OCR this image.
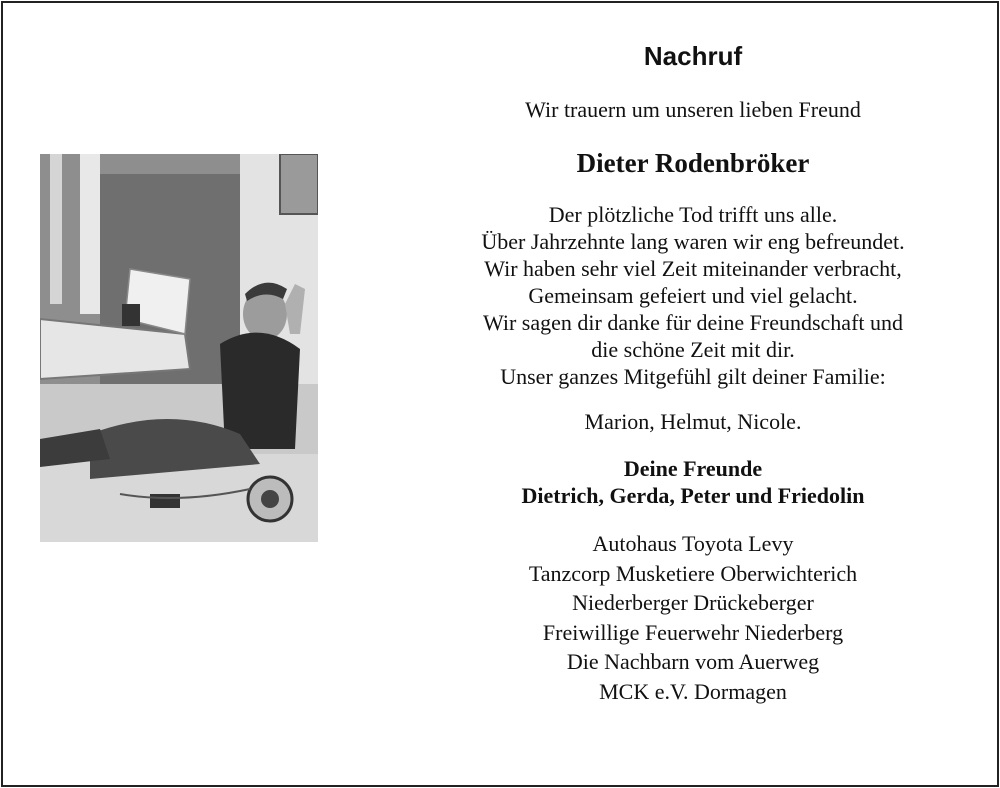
Nachruf
Wir trauern um unseren lieben Freund
Dieter Rodenbröker
Der plötzliche Tod trifft uns alle.
Über Jahrzehnte lang waren wir eng befreundet.
Wir haben sehr viel Zeit miteinander verbracht,
Gemeinsam gefeiert und viel gelacht.
Wir sagen dir danke für deine Freundschaft und
die schöne Zeit mit dir.
Unser ganzes Mitgefühl gilt deiner Familie:
Marion, Helmut, Nicole.
Deine Freunde
Dietrich, Gerda, Peter und Friedolin
Autohaus Toyota Levy
Tanzcorp Musketiere Oberwichterich
Niederberger Drückeberger
Freiwillige Feuerwehr Niederberg
Die Nachbarn vom Auerweg
MCK e.V. Dormagen
